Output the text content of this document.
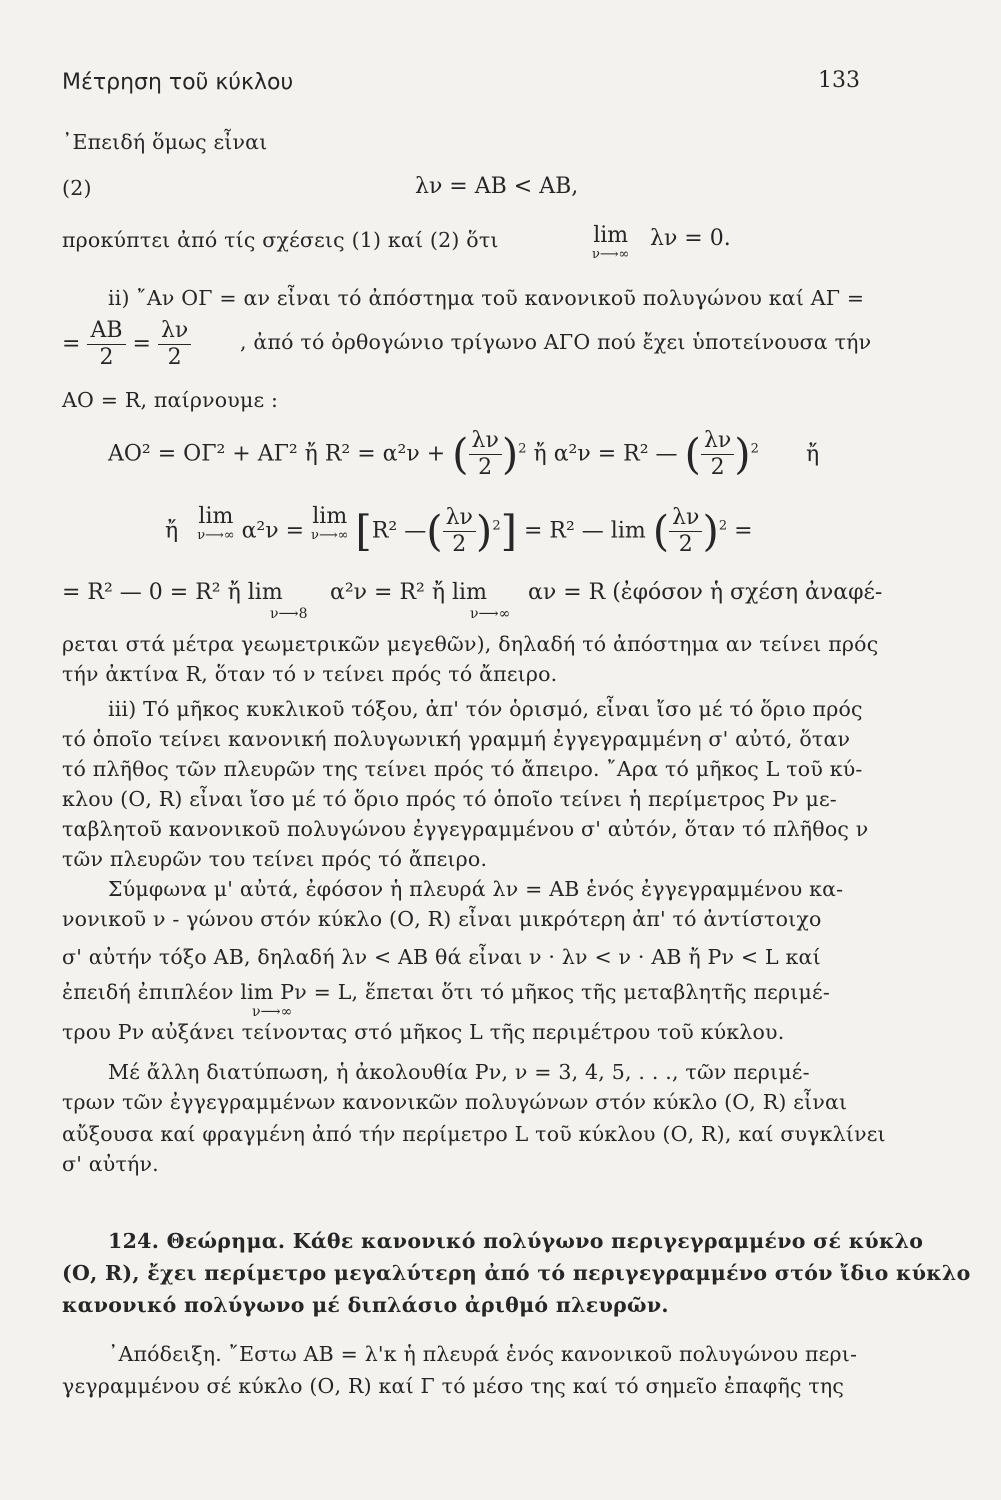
Μέτρηση τοῦ κύκλου	133
᾿Επειδή ὅμως εἶναι
(2)	λν = AB < AB,
προκύπτει ἀπό τίς σχέσεις (1) καί (2) ὅτι	lim
ν⟶∞
λν = 0.
ii) ῎Αν ΟΓ = αν εἶναι τό ἀπόστημα τοῦ κανονικοῦ πολυγώνου καί ΑΓ =
= $\frac{AB}{2} = \frac{\lambda\nu}{2}$ , ἀπό τό ὀρθογώνιο τρίγωνο ΑΓΟ πού ἔχει ὑποτείνουσα τήν
ΑΟ = R, παίρνουμε :
ΑΟ² = ΟΓ² + ΑΓ² ἤ R² = α²ν + ( $\frac{\lambda\nu}{2} )^2$ ἤ α²ν = R² — ( $\frac{\lambda\nu}{2} )^2$ ἤ
ἤ lim
ν⟶∞ α²ν = lim
ν⟶∞ [R² —( $\frac{\lambda\nu}{2} )^2] = R^2$ — lim ( $\frac{\lambda\nu}{2} )^2$ =
= R² — 0 = R² ἤ lim
ν⟶8
α²ν = R² ἤ lim
ν⟶∞
αν = R (ἐφόσον ἡ σχέση ἀναφέ-
ρεται στά μέτρα γεωμετρικῶν μεγεθῶν), δηλαδή τό ἀπόστημα αν τείνει πρός
τήν ἀκτίνα R, ὅταν τό ν τείνει πρός τό ἄπειρο.
iii) Τό μῆκος κυκλικοῦ τόξου, ἀπ' τόν ὁρισμό, εἶναι ἴσο μέ τό ὅριο πρός
τό ὁποῖο τείνει κανονική πολυγωνική γραμμή ἐγγεγραμμένη σ' αὐτό, ὅταν
τό πλῆθος τῶν πλευρῶν της τείνει πρός τό ἄπειρο. ῎Αρα τό μῆκος L τοῦ κύ-
κλου (Ο, R) εἶναι ἴσο μέ τό ὅριο πρός τό ὁποῖο τείνει ἡ περίμετρος Pν με-
ταβλητοῦ κανονικοῦ πολυγώνου ἐγγεγραμμένου σ' αὐτόν, ὅταν τό πλῆθος ν
τῶν πλευρῶν του τείνει πρός τό ἄπειρο.
Σύμφωνα μ' αὐτά, ἐφόσον ἡ πλευρά λν = AB ἑνός ἐγγεγραμμένου κα-
νονικοῦ ν - γώνου στόν κύκλο (Ο, R) εἶναι μικρότερη ἀπ' τό ἀντίστοιχο
σ' αὐτήν τόξο AB, δηλαδή λν < AB θά εἶναι ν · λν < ν · AB ἤ Pν < L καί
ἐπειδή ἐπιπλέον lim Pν = L, ἕπεται ὅτι τό μῆκος τῆς μεταβλητῆς περιμέ-
ν⟶∞
τρου Pν αὐξάνει τείνοντας στό μῆκος L τῆς περιμέτρου τοῦ κύκλου.
Μέ ἄλλη διατύπωση, ἡ ἀκολουθία Pν, ν = 3, 4, 5, . . ., τῶν περιμέ-
τρων τῶν ἐγγεγραμμένων κανονικῶν πολυγώνων στόν κύκλο (Ο, R) εἶναι
αὔξουσα καί φραγμένη ἀπό τήν περίμετρο L τοῦ κύκλου (Ο, R), καί συγκλίνει
σ' αὐτήν.
124. Θεώρημα. Κάθε κανονικό πολύγωνο περιγεγραμμένο σέ κύκλο
(Ο, R), ἔχει περίμετρο μεγαλύτερη ἀπό τό περιγεγραμμένο στόν ἴδιο κύκλο
κανονικό πολύγωνο μέ διπλάσιο ἀριθμό πλευρῶν.
᾿Απόδειξη. ῎Εστω AB = λ'κ ἡ πλευρά ἑνός κανονικοῦ πολυγώνου περι-
γεγραμμένου σέ κύκλο (Ο, R) καί Γ τό μέσο της καί τό σημεῖο ἐπαφῆς της
